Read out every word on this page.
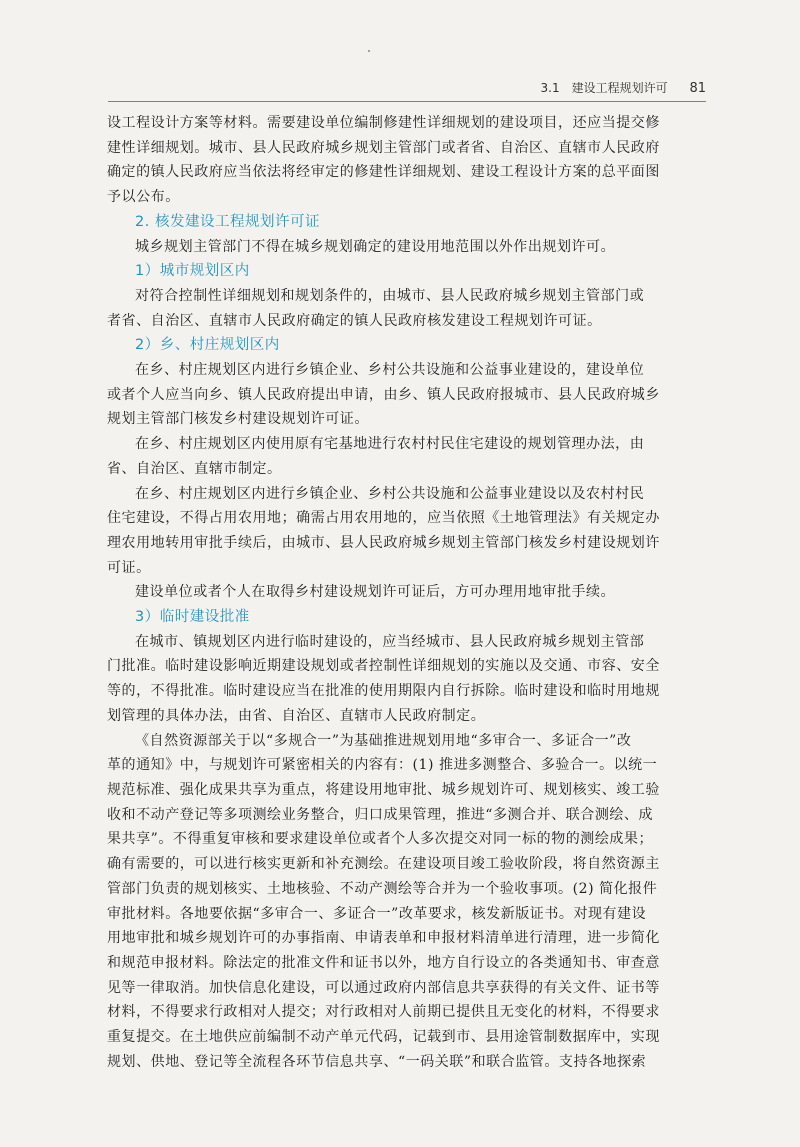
3.1　建设工程规划许可 81

设工程设计方案等材料。需要建设单位编制修建性详细规划的建设项目，还应当提交修
建性详细规划。城市、县人民政府城乡规划主管部门或者省、自治区、直辖市人民政府
确定的镇人民政府应当依法将经审定的修建性详细规划、建设工程设计方案的总平面图
予以公布。

2. 核发建设工程规划许可证

城乡规划主管部门不得在城乡规划确定的建设用地范围以外作出规划许可。

1）城市规划区内

对符合控制性详细规划和规划条件的，由城市、县人民政府城乡规划主管部门或
者省、自治区、直辖市人民政府确定的镇人民政府核发建设工程规划许可证。

2）乡、村庄规划区内

在乡、村庄规划区内进行乡镇企业、乡村公共设施和公益事业建设的，建设单位
或者个人应当向乡、镇人民政府提出申请，由乡、镇人民政府报城市、县人民政府城乡
规划主管部门核发乡村建设规划许可证。

在乡、村庄规划区内使用原有宅基地进行农村村民住宅建设的规划管理办法，由
省、自治区、直辖市制定。

在乡、村庄规划区内进行乡镇企业、乡村公共设施和公益事业建设以及农村村民
住宅建设，不得占用农用地；确需占用农用地的，应当依照《土地管理法》有关规定办
理农用地转用审批手续后，由城市、县人民政府城乡规划主管部门核发乡村建设规划许
可证。

建设单位或者个人在取得乡村建设规划许可证后，方可办理用地审批手续。

3）临时建设批准

在城市、镇规划区内进行临时建设的，应当经城市、县人民政府城乡规划主管部
门批准。临时建设影响近期建设规划或者控制性详细规划的实施以及交通、市容、安全
等的，不得批准。临时建设应当在批准的使用期限内自行拆除。临时建设和临时用地规
划管理的具体办法，由省、自治区、直辖市人民政府制定。

《自然资源部关于以“多规合一”为基础推进规划用地“多审合一、多证合一”改
革的通知》中，与规划许可紧密相关的内容有：(1) 推进多测整合、多验合一。以统一
规范标准、强化成果共享为重点，将建设用地审批、城乡规划许可、规划核实、竣工验
收和不动产登记等多项测绘业务整合，归口成果管理，推进“多测合并、联合测绘、成
果共享”。不得重复审核和要求建设单位或者个人多次提交对同一标的物的测绘成果；
确有需要的，可以进行核实更新和补充测绘。在建设项目竣工验收阶段，将自然资源主
管部门负责的规划核实、土地核验、不动产测绘等合并为一个验收事项。(2) 简化报件
审批材料。各地要依据“多审合一、多证合一”改革要求，核发新版证书。对现有建设
用地审批和城乡规划许可的办事指南、申请表单和申报材料清单进行清理，进一步简化
和规范申报材料。除法定的批准文件和证书以外，地方自行设立的各类通知书、审查意
见等一律取消。加快信息化建设，可以通过政府内部信息共享获得的有关文件、证书等
材料，不得要求行政相对人提交；对行政相对人前期已提供且无变化的材料，不得要求
重复提交。在土地供应前编制不动产单元代码，记载到市、县用途管制数据库中，实现
规划、供地、登记等全流程各环节信息共享、“一码关联”和联合监管。支持各地探索
